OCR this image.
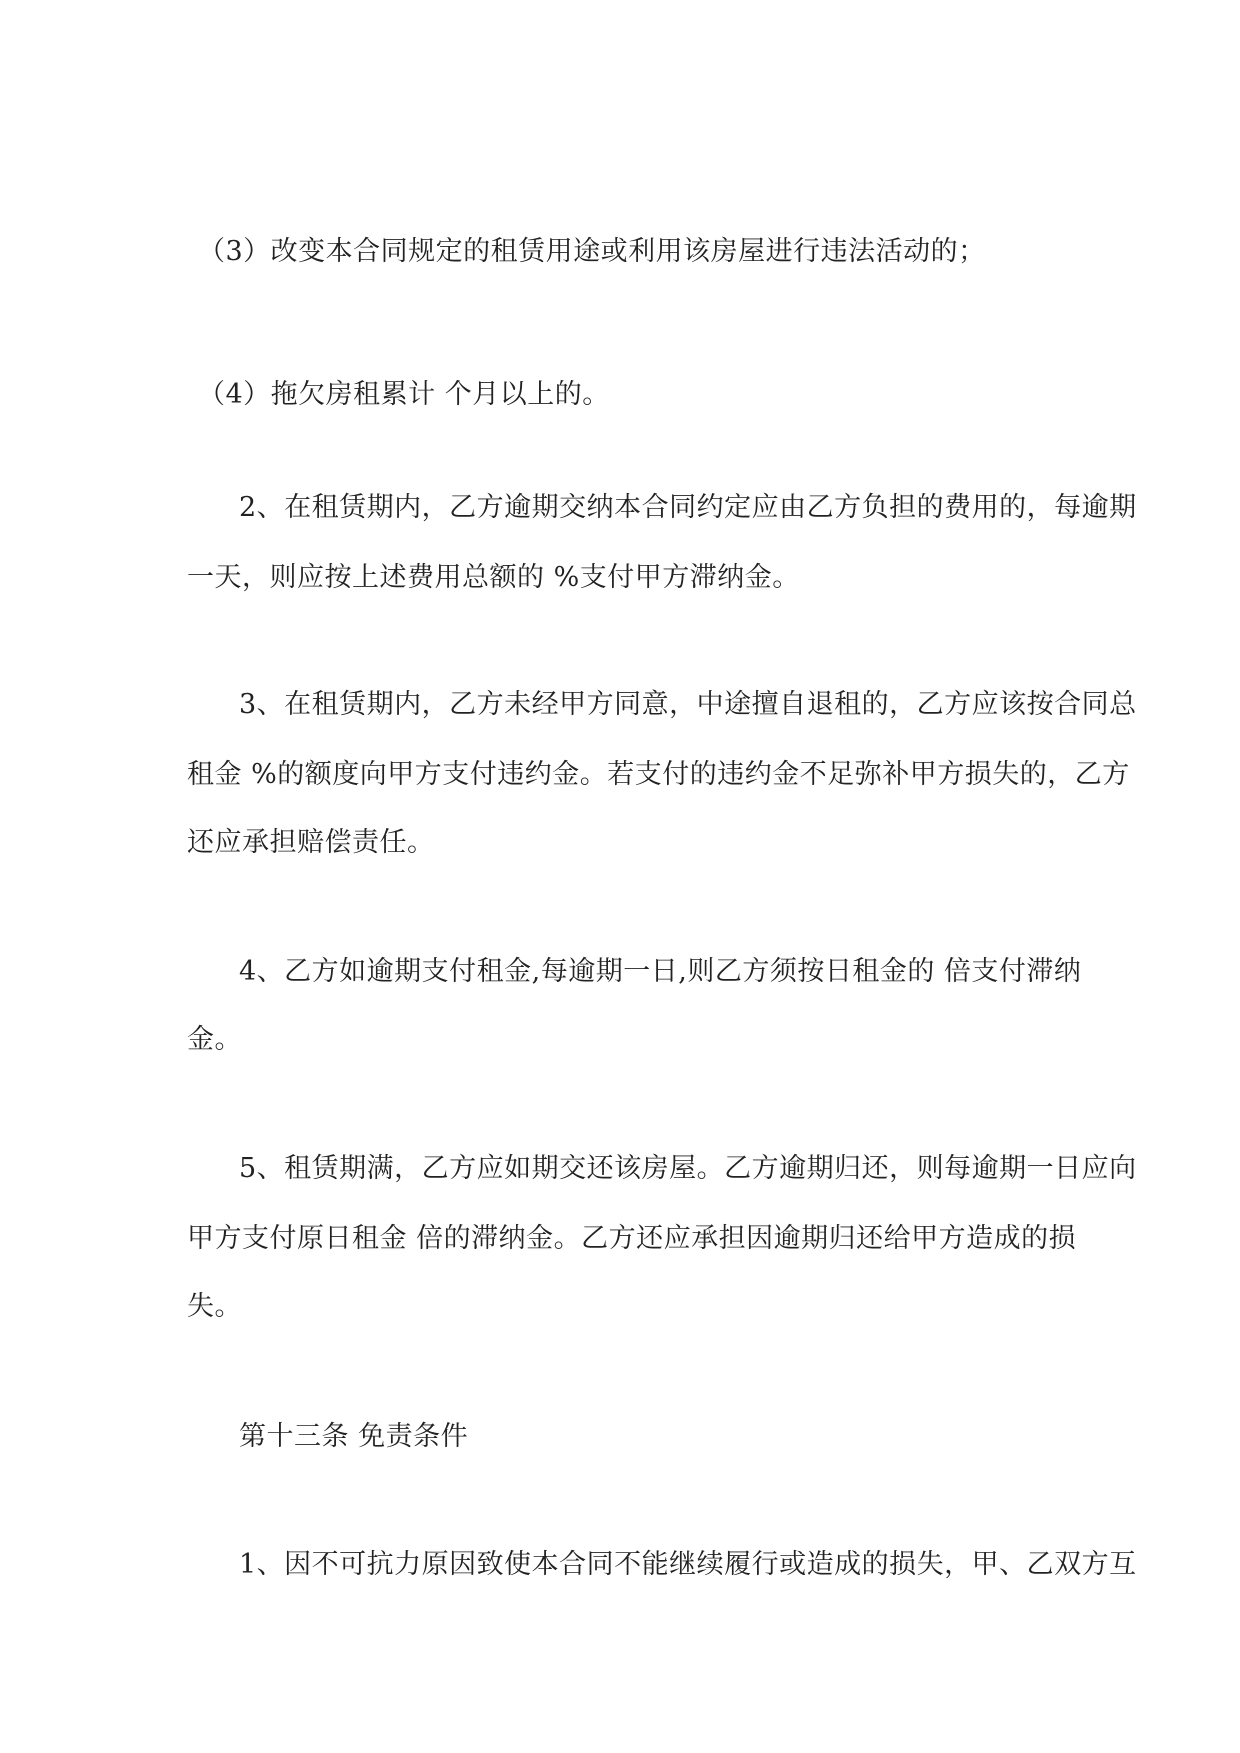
（3）改变本合同规定的租赁用途或利用该房屋进行违法活动的；
（4）拖欠房租累计 个月以上的。
2、在租赁期内，乙方逾期交纳本合同约定应由乙方负担的费用的，每逾期
一天，则应按上述费用总额的 %支付甲方滞纳金。
3、在租赁期内，乙方未经甲方同意，中途擅自退租的，乙方应该按合同总
租金 %的额度向甲方支付违约金。若支付的违约金不足弥补甲方损失的，乙方
还应承担赔偿责任。
4、乙方如逾期支付租金,每逾期一日,则乙方须按日租金的 倍支付滞纳
金。
5、租赁期满，乙方应如期交还该房屋。乙方逾期归还，则每逾期一日应向
甲方支付原日租金 倍的滞纳金。乙方还应承担因逾期归还给甲方造成的损
失。
第十三条 免责条件
1、因不可抗力原因致使本合同不能继续履行或造成的损失，甲、乙双方互
